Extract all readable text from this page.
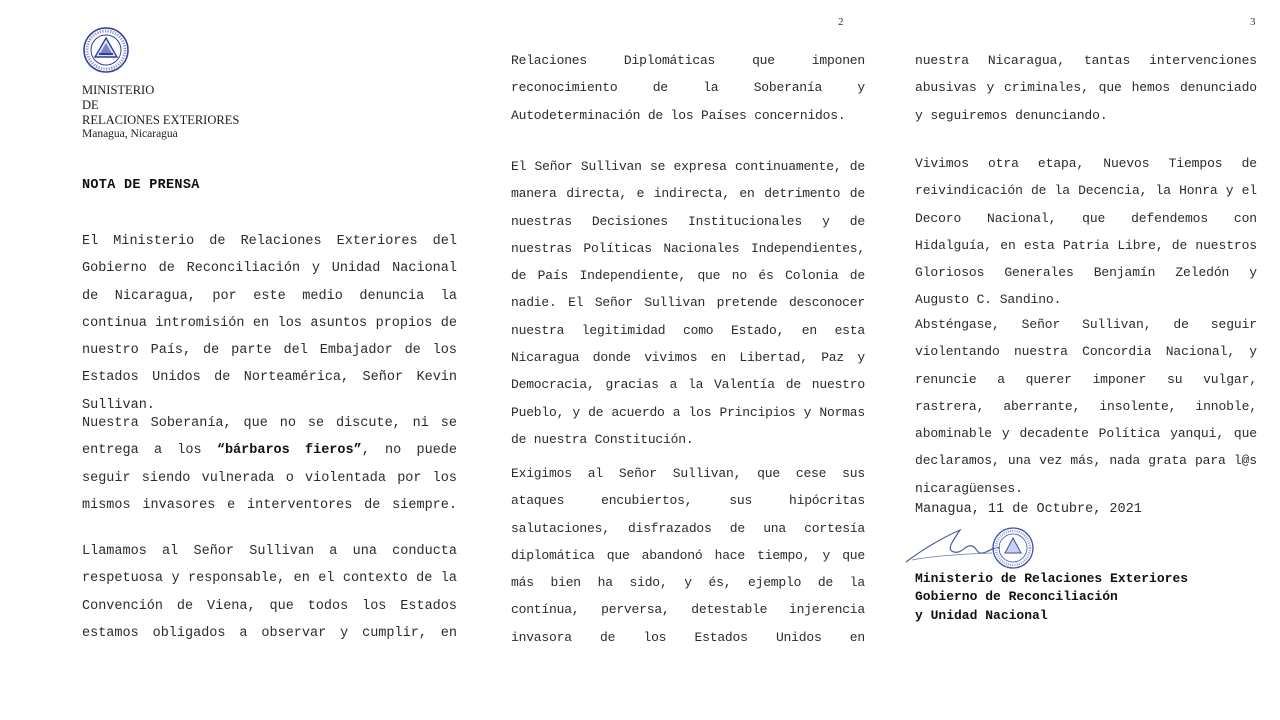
MINISTERIO
DE
RELACIONES EXTERIORES
Managua, Nicaragua
NOTA DE PRENSA

El Ministerio de Relaciones Exteriores del Gobierno de Reconciliación y Unidad Nacional de Nicaragua, por este medio denuncia la continua intromisión en los asuntos propios de nuestro País, de parte del Embajador de los Estados Unidos de Norteamérica, Señor Kevin Sullivan.

Nuestra Soberanía, que no se discute, ni se entrega a los “bárbaros fieros”, no puede seguir siendo vulnerada o violentada por los mismos invasores e interventores de siempre.

Llamamos al Señor Sullivan a una conducta respetuosa y responsable, en el contexto de la Convención de Viena, que todos los Estados estamos obligados a observar y cumplir, en

2

Relaciones Diplomáticas que imponen reconocimiento de la Soberanía y Autodeterminación de los Países concernidos.

El Señor Sullivan se expresa continuamente, de manera directa, e indirecta, en detrimento de nuestras Decisiones Institucionales y de nuestras Políticas Nacionales Independientes, de País Independiente, que no és Colonia de nadie. El Señor Sullivan pretende desconocer nuestra legitimidad como Estado, en esta Nicaragua donde vivimos en Libertad, Paz y Democracia, gracias a la Valentía de nuestro Pueblo, y de acuerdo a los Principios y Normas de nuestra Constitución.

Exigimos al Señor Sullivan, que cese sus ataques encubiertos, sus hipócritas salutaciones, disfrazados de una cortesía diplomática que abandonó hace tiempo, y que más bien ha sido, y és, ejemplo de la contínua, perversa, detestable injerencia invasora de los Estados Unidos en

3

nuestra Nicaragua, tantas intervenciones abusivas y criminales, que hemos denunciado y seguiremos denunciando.

Vivimos otra etapa, Nuevos Tiempos de reivindicación de la Decencia, la Honra y el Decoro Nacional, que defendemos con Hidalguía, en esta Patria Libre, de nuestros Gloriosos Generales Benjamín Zeledón y Augusto C. Sandino.

Absténgase, Señor Sullivan, de seguir violentando nuestra Concordia Nacional, y renuncie a querer imponer su vulgar, rastrera, aberrante, insolente, innoble, abominable y decadente Política yanqui, que declaramos, una vez más, nada grata para l@s nicaragüenses.

Managua, 11 de Octubre, 2021
Ministerio de Relaciones Exteriores
Gobierno de Reconciliación
y Unidad Nacional
